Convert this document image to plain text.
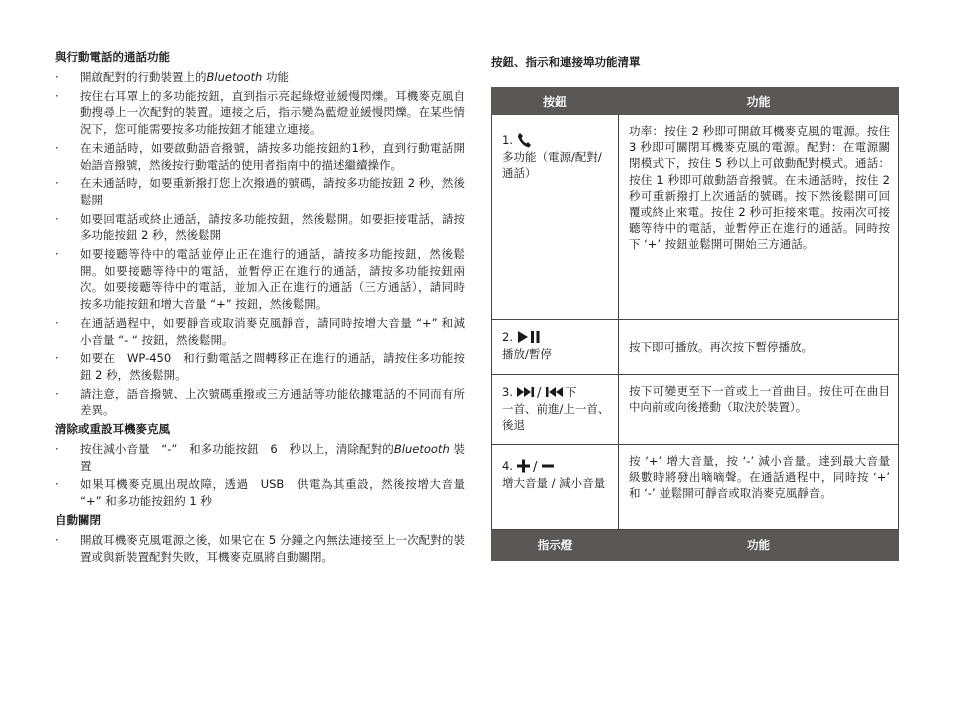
與行動電話的通話功能
·	開啟配對的行動裝置上的Bluetooth 功能
·	按住右耳罩上的多功能按鈕，直到指示亮起綠燈並緩慢閃爍。耳機麥克風自動搜尋上一次配對的裝置。連接之后，指示變為藍燈並緩慢閃爍。在某些情況下，您可能需要按多功能按鈕才能建立連接。
·	在未通話時，如要啟動語音撥號，請按多功能按鈕約1秒，直到行動電話開始語音撥號，然後按行動電話的使用者指南中的描述繼續操作。
·	在未通話時，如要重新撥打您上次撥過的號碼，請按多功能按鈕 2 秒，然後鬆開
·	如要回電話或終止通話，請按多功能按鈕，然後鬆開。如要拒接電話，請按多功能按鈕 2 秒，然後鬆開
·	如要接聽等待中的電話並停止正在進行的通話，請按多功能按鈕，然後鬆開。如要接聽等待中的電話，並暫停正在進行的通話，請按多功能按鈕兩次。如要接聽等待中的電話，並加入正在進行的通話（三方通話），請同時按多功能按鈕和增大音量 “+” 按鈕，然後鬆開。
·	在通話過程中，如要靜音或取消麥克風靜音，請同時按增大音量 “+” 和減小音量 “- “ 按鈕，然後鬆開。
·	如要在　WP-450　和行動電話之間轉移正在進行的通話，請按住多功能按鈕 2 秒，然後鬆開。
·	請注意，語音撥號、上次號碼重撥或三方通話等功能依據電話的不同而有所差異。
清除或重設耳機麥克風
·	按住減小音量　“-”　和多功能按鈕　6　秒以上，清除配對的Bluetooth 裝置
·	如果耳機麥克風出現故障，透過　USB　供電為其重設，然後按增大音量 “+” 和多功能按鈕約 1 秒
自動關閉
·	開啟耳機麥克風電源之後，如果它在 5 分鐘之內無法連接至上一次配對的裝置或與新裝置配對失敗，耳機麥克風將自動關閉。
按鈕、指示和連接埠功能清單
按鈕	功能

1.
多功能（電源/配對/通話）	功率：按住 2 秒即可開啟耳機麥克風的電源。按住 3 秒即可關閉耳機麥克風的電源。配對：在電源關閉模式下，按住 5 秒以上可啟動配對模式。通話：按住 1 秒即可啟動語音撥號。在未通話時，按住 2 秒可重新撥打上次通話的號碼。按下然後鬆開可回覆或終止來電。按住 2 秒可拒接來電。按兩次可接聽等待中的電話，並暫停正在進行的通話。同時按下 ‘+’ 按鈕並鬆開可開始三方通話。

2.
播放/暫停	按下即可播放。再次按下暫停播放。

3. / 下
一首、前進/上一首、後退	按下可變更至下一首或上一首曲目。按住可在曲目中向前或向後捲動（取決於裝置）。

4. /
增大音量 / 減小音量	按 ‘+’ 增大音量，按 ‘-’ 減小音量。達到最大音量級數時將發出嘀嘀聲。在通話過程中，同時按 ‘+’ 和 ‘-’ 並鬆開可靜音或取消麥克風靜音。
指示燈	功能
